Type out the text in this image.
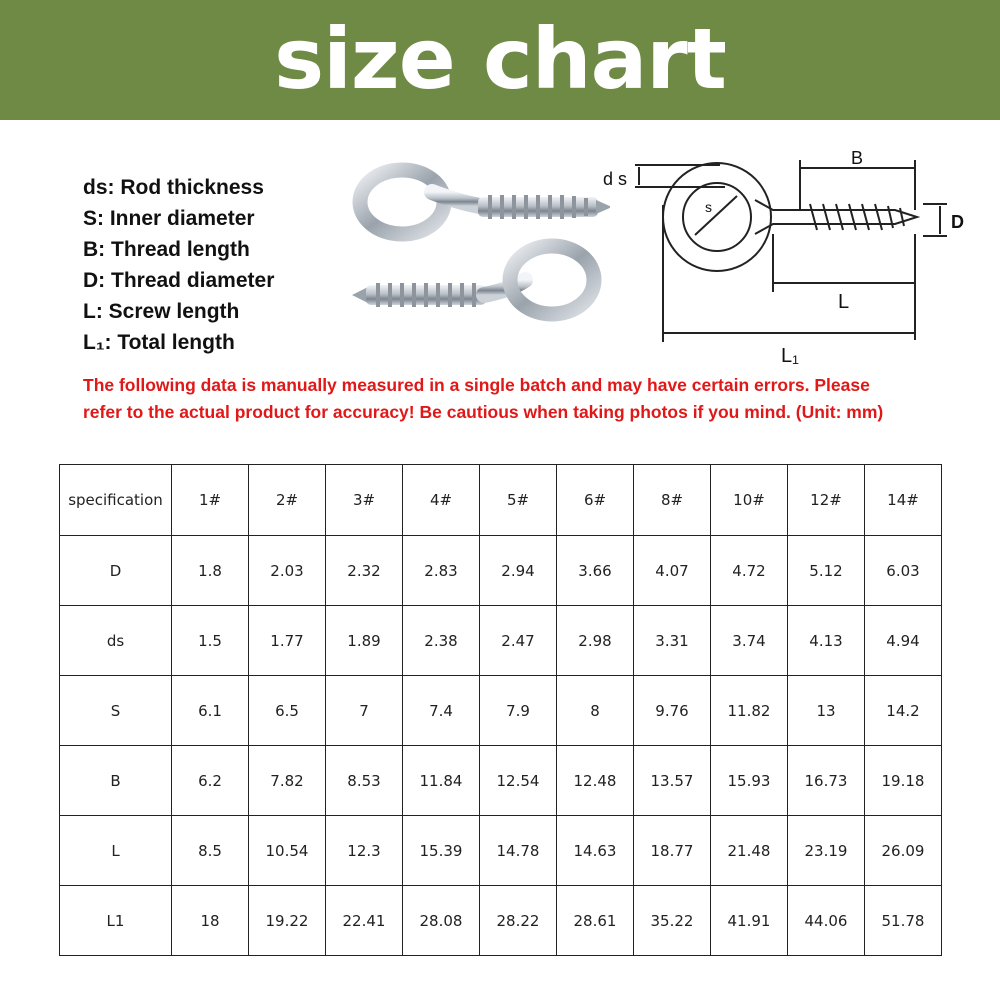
size chart
ds: Rod thickness
S: Inner diameter
B: Thread length
D: Thread diameter
L: Screw length
L₁: Total length
d s
s
B
D
L
L₁

The following data is manually measured in a single batch and may have certain errors. Please
refer to the actual product for accuracy! Be cautious when taking photos if you mind. (Unit: mm)

specification	1#	2#	3#	4#	5#	6#	8#	10#	12#	14#
D	1.8	2.03	2.32	2.83	2.94	3.66	4.07	4.72	5.12	6.03
ds	1.5	1.77	1.89	2.38	2.47	2.98	3.31	3.74	4.13	4.94
S	6.1	6.5	7	7.4	7.9	8	9.76	11.82	13	14.2
B	6.2	7.82	8.53	11.84	12.54	12.48	13.57	15.93	16.73	19.18
L	8.5	10.54	12.3	15.39	14.78	14.63	18.77	21.48	23.19	26.09
L1	18	19.22	22.41	28.08	28.22	28.61	35.22	41.91	44.06	51.78
